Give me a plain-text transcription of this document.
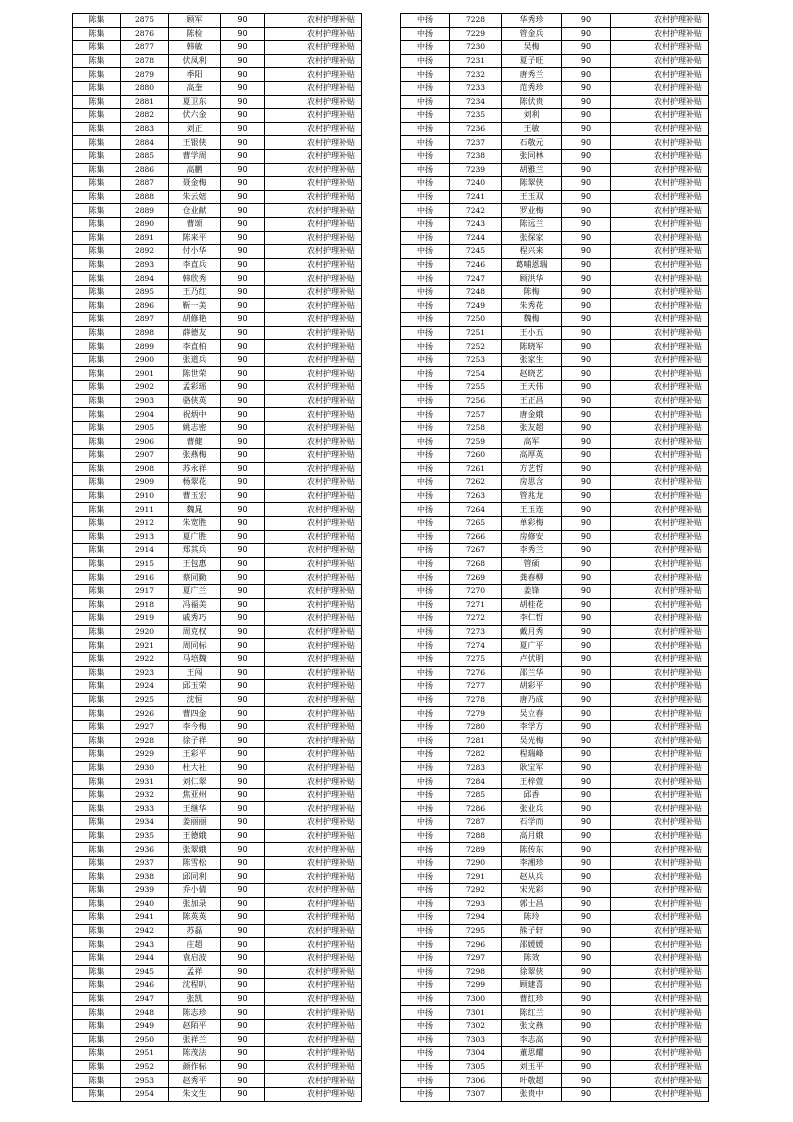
陈集	2875	顾军	90	农村护理补贴
陈集	2876	陈检	90	农村护理补贴
陈集	2877	韩敏	90	农村护理补贴
陈集	2878	伏凤利	90	农村护理补贴
陈集	2879	季阳	90	农村护理补贴
陈集	2880	高奎	90	农村护理补贴
陈集	2881	夏卫东	90	农村护理补贴
陈集	2882	伏六金	90	农村护理补贴
陈集	2883	刘正	90	农村护理补贴
陈集	2884	王银侠	90	农村护理补贴
陈集	2885	曹学周	90	农村护理补贴
陈集	2886	高鹏	90	农村护理补贴
陈集	2887	聂金梅	90	农村护理补贴
陈集	2888	朱云妞	90	农村护理补贴
陈集	2889	仓业献	90	农村护理补贴
陈集	2890	曹颂	90	农村护理补贴
陈集	2891	陈来平	90	农村护理补贴
陈集	2892	付小华	90	农村护理补贴
陈集	2893	李直兵	90	农村护理补贴
陈集	2894	韩欣秀	90	农村护理补贴
陈集	2895	王乃红	90	农村护理补贴
陈集	2896	靳一美	90	农村护理补贴
陈集	2897	胡修艳	90	农村护理补贴
陈集	2898	薛德友	90	农村护理补贴
陈集	2899	李直柏	90	农村护理补贴
陈集	2900	张道兵	90	农村护理补贴
陈集	2901	陈世荣	90	农村护理补贴
陈集	2902	孟彩瑶	90	农村护理补贴
陈集	2903	骆侠英	90	农村护理补贴
陈集	2904	祝炳中	90	农村护理补贴
陈集	2905	姚志密	90	农村护理补贴
陈集	2906	曹健	90	农村护理补贴
陈集	2907	张燕梅	90	农村护理补贴
陈集	2908	苏永祥	90	农村护理补贴
陈集	2909	杨翠花	90	农村护理补贴
陈集	2910	曹玉宏	90	农村护理补贴
陈集	2911	魏晁	90	农村护理补贴
陈集	2912	朱宽胜	90	农村护理补贴
陈集	2913	夏广胜	90	农村护理补贴
陈集	2914	郑其兵	90	农村护理补贴
陈集	2915	王包惠	90	农村护理补贴
陈集	2916	蔡同勤	90	农村护理补贴
陈集	2917	夏广兰	90	农村护理补贴
陈集	2918	冯福美	90	农村护理补贴
陈集	2919	戚秀巧	90	农村护理补贴
陈集	2920	周克权	90	农村护理补贴
陈集	2921	周同标	90	农村护理补贴
陈集	2922	马培魏	90	农村护理补贴
陈集	2923	王闯	90	农村护理补贴
陈集	2924	邱玉荣	90	农村护理补贴
陈集	2925	沈恒	90	农村护理补贴
陈集	2926	曹四金	90	农村护理补贴
陈集	2927	李今梅	90	农村护理补贴
陈集	2928	徐子祥	90	农村护理补贴
陈集	2929	王彩平	90	农村护理补贴
陈集	2930	杜大社	90	农村护理补贴
陈集	2931	刘仁翠	90	农村护理补贴
陈集	2932	焦亚州	90	农村护理补贴
陈集	2933	王继华	90	农村护理补贴
陈集	2934	姜丽丽	90	农村护理补贴
陈集	2935	王德娥	90	农村护理补贴
陈集	2936	张翠娥	90	农村护理补贴
陈集	2937	陈雪松	90	农村护理补贴
陈集	2938	邱同利	90	农村护理补贴
陈集	2939	乔小倩	90	农村护理补贴
陈集	2940	张加录	90	农村护理补贴
陈集	2941	陈英英	90	农村护理补贴
陈集	2942	苏磊	90	农村护理补贴
陈集	2943	庄超	90	农村护理补贴
陈集	2944	袁启波	90	农村护理补贴
陈集	2945	孟祥	90	农村护理补贴
陈集	2946	沈程叭	90	农村护理补贴
陈集	2947	张凯	90	农村护理补贴
陈集	2948	陈志珍	90	农村护理补贴
陈集	2949	赵陌平	90	农村护理补贴
陈集	2950	张祥兰	90	农村护理补贴
陈集	2951	陈茂法	90	农村护理补贴
陈集	2952	颜作标	90	农村护理补贴
陈集	2953	赵秀平	90	农村护理补贴
陈集	2954	朱文生	90	农村护理补贴
中扬	7228	华秀珍	90	农村护理补贴
中扬	7229	管金兵	90	农村护理补贴
中扬	7230	吴梅	90	农村护理补贴
中扬	7231	夏子旺	90	农村护理补贴
中扬	7232	唐秀兰	90	农村护理补贴
中扬	7233	范秀珍	90	农村护理补贴
中扬	7234	陈伏贵	90	农村护理补贴
中扬	7235	刘利	90	农村护理补贴
中扬	7236	王敏	90	农村护理补贴
中扬	7237	石敬元	90	农村护理补贴
中扬	7238	张同林	90	农村护理补贴
中扬	7239	胡雅兰	90	农村护理补贴
中扬	7240	陈翠侠	90	农村护理补贴
中扬	7241	王玉双	90	农村护理补贴
中扬	7242	罗业梅	90	农村护理补贴
中扬	7243	陈远兰	90	农村护理补贴
中扬	7244	张保家	90	农村护理补贴
中扬	7245	程兴来	90	农村护理补贴
中扬	7246	葛哺恩瑞	90	农村护理补贴
中扬	7247	顾洪华	90	农村护理补贴
中扬	7248	陈梅	90	农村护理补贴
中扬	7249	朱秀花	90	农村护理补贴
中扬	7250	魏梅	90	农村护理补贴
中扬	7251	王小五	90	农村护理补贴
中扬	7252	陈晓军	90	农村护理补贴
中扬	7253	张家生	90	农村护理补贴
中扬	7254	赵晓艺	90	农村护理补贴
中扬	7255	王天伟	90	农村护理补贴
中扬	7256	王正昌	90	农村护理补贴
中扬	7257	唐金娥	90	农村护理补贴
中扬	7258	张友超	90	农村护理补贴
中扬	7259	高军	90	农村护理补贴
中扬	7260	高厚英	90	农村护理补贴
中扬	7261	方艺哲	90	农村护理补贴
中扬	7262	房思含	90	农村护理补贴
中扬	7263	管兆龙	90	农村护理补贴
中扬	7264	王玉连	90	农村护理补贴
中扬	7265	单彩梅	90	农村护理补贴
中扬	7266	房修安	90	农村护理补贴
中扬	7267	李秀兰	90	农村护理补贴
中扬	7268	管硕	90	农村护理补贴
中扬	7269	龚春柳	90	农村护理补贴
中扬	7270	姜锋	90	农村护理补贴
中扬	7271	胡桂花	90	农村护理补贴
中扬	7272	李仁哲	90	农村护理补贴
中扬	7273	戴月秀	90	农村护理补贴
中扬	7274	夏广平	90	农村护理补贴
中扬	7275	卢伏明	90	农村护理补贴
中扬	7276	邵兰华	90	农村护理补贴
中扬	7277	胡彩平	90	农村护理补贴
中扬	7278	唐乃成	90	农村护理补贴
中扬	7279	吴立春	90	农村护理补贴
中扬	7280	李学方	90	农村护理补贴
中扬	7281	吴光梅	90	农村护理补贴
中扬	7282	程瑞峰	90	农村护理补贴
中扬	7283	耿宝军	90	农村护理补贴
中扬	7284	王梓萱	90	农村护理补贴
中扬	7285	邱香	90	农村护理补贴
中扬	7286	张业兵	90	农村护理补贴
中扬	7287	石学而	90	农村护理补贴
中扬	7288	高月娥	90	农村护理补贴
中扬	7289	陈传东	90	农村护理补贴
中扬	7290	李湘珍	90	农村护理补贴
中扬	7291	赵从兵	90	农村护理补贴
中扬	7292	宋光彩	90	农村护理补贴
中扬	7293	郭士昌	90	农村护理补贴
中扬	7294	陈玲	90	农村护理补贴
中扬	7295	熊子轩	90	农村护理补贴
中扬	7296	邵媛媛	90	农村护理补贴
中扬	7297	陈效	90	农村护理补贴
中扬	7298	徐翠侠	90	农村护理补贴
中扬	7299	顾建喜	90	农村护理补贴
中扬	7300	曹红珍	90	农村护理补贴
中扬	7301	陈红兰	90	农村护理补贴
中扬	7302	张文燕	90	农村护理补贴
中扬	7303	李志高	90	农村护理补贴
中扬	7304	董思耀	90	农村护理补贴
中扬	7305	刘玉平	90	农村护理补贴
中扬	7306	叶敬超	90	农村护理补贴
中扬	7307	张贵中	90	农村护理补贴
